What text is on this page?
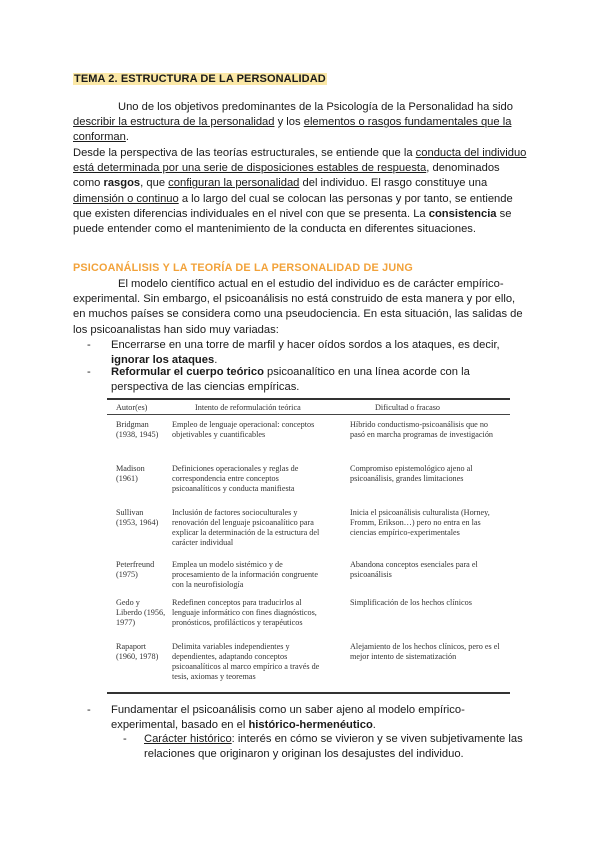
TEMA 2. ESTRUCTURA DE LA PERSONALIDAD
Uno de los objetivos predominantes de la Psicología de la Personalidad ha sido describir la estructura de la personalidad y los elementos o rasgos fundamentales que la conforman.
Desde la perspectiva de las teorías estructurales, se entiende que la conducta del individuo está determinada por una serie de disposiciones estables de respuesta, denominados como rasgos, que configuran la personalidad del individuo. El rasgo constituye una dimensión o continuo a lo largo del cual se colocan las personas y por tanto, se entiende que existen diferencias individuales en el nivel con que se presenta. La consistencia se puede entender como el mantenimiento de la conducta en diferentes situaciones.
PSICOANÁLISIS Y LA TEORÍA DE LA PERSONALIDAD DE JUNG
El modelo científico actual en el estudio del individuo es de carácter empírico-experimental. Sin embargo, el psicoanálisis no está construido de esta manera y por ello, en muchos países se considera como una pseudociencia. En esta situación, las salidas de los psicoanalistas han sido muy variadas:
- Encerrarse en una torre de marfil y hacer oídos sordos a los ataques, es decir, ignorar los ataques.
- Reformular el cuerpo teórico psicoanalítico en una línea acorde con la perspectiva de las ciencias empíricas.
Autor(es)	Intento de reformulación teórica	Dificultad o fracaso
Bridgman (1938, 1945)
Empleo de lenguaje operacional: conceptos objetivables y cuantificables
Híbrido conductismo-psicoanálisis que no pasó en marcha programas de investigación
Madison (1961)
Definiciones operacionales y reglas de correspondencia entre conceptos psicoanalíticos y conducta manifiesta
Compromiso epistemológico ajeno al psicoanálisis, grandes limitaciones
Sullivan (1953, 1964)
Inclusión de factores socioculturales y renovación del lenguaje psicoanalítico para explicar la determinación de la estructura del carácter individual
Inicia el psicoanálisis culturalista (Horney, Fromm, Erikson…) pero no entra en las ciencias empírico-experimentales
Peterfreund (1975)
Emplea un modelo sistémico y de procesamiento de la información congruente con la neurofisiología
Abandona conceptos esenciales para el psicoanálisis
Gedo y Liberdo (1956, 1977)
Redefinen conceptos para traducirlos al lenguaje informático con fines diagnósticos, pronósticos, profilácticos y terapéuticos
Simplificación de los hechos clínicos
Rapaport (1960, 1978)
Delimita variables independientes y dependientes, adaptando conceptos psicoanalíticos al marco empírico a través de tesis, axiomas y teoremas
Alejamiento de los hechos clínicos, pero es el mejor intento de sistematización
- Fundamentar el psicoanálisis como un saber ajeno al modelo empírico-experimental, basado en el histórico-hermenéutico.
- Carácter histórico: interés en cómo se vivieron y se viven subjetivamente las relaciones que originaron y originan los desajustes del individuo.
